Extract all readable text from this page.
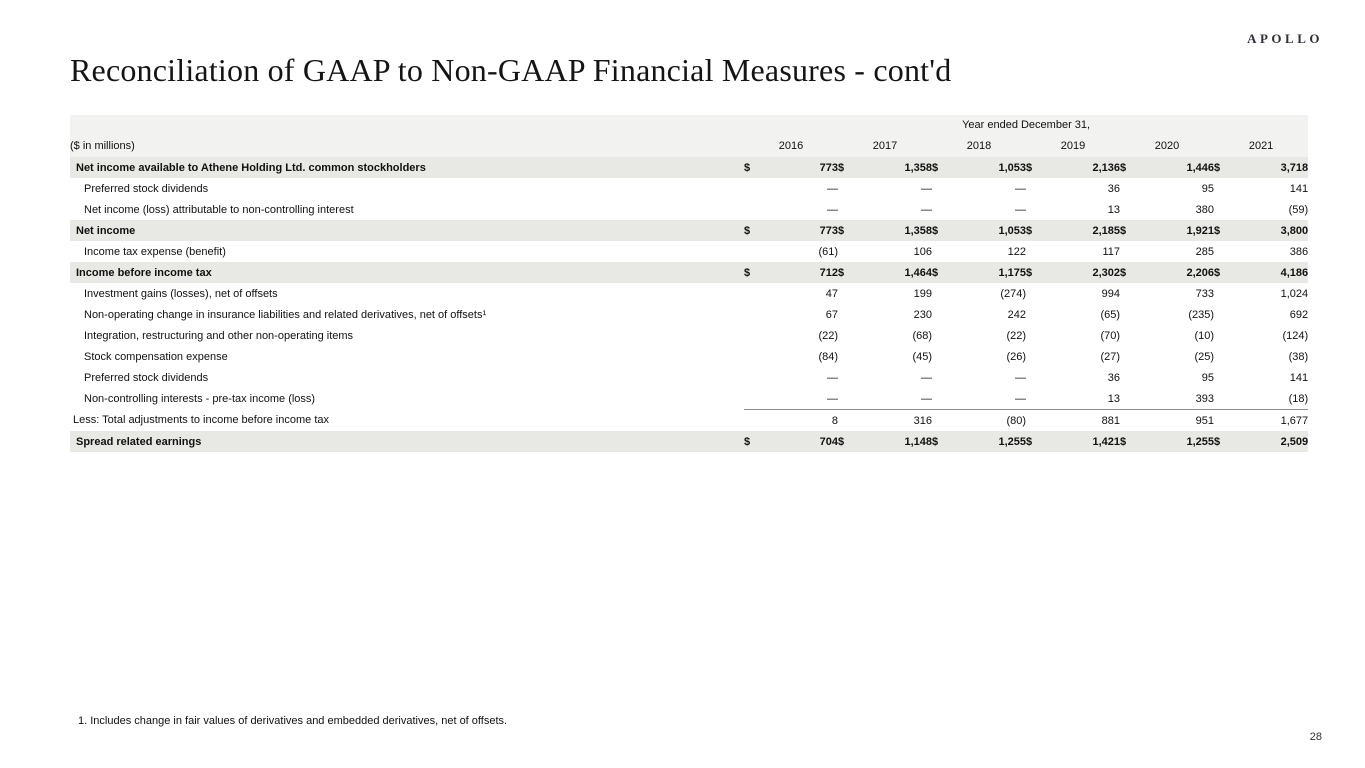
APOLLO
Reconciliation of GAAP to Non-GAAP Financial Measures - cont'd
	Year ended December 31,											
($ in millions)	2016		2017		2018		2019		2020		2021	
Net income available to Athene Holding Ltd. common stockholders	$	773	$	1,358	$	1,053	$	2,136	$	1,446	$	3,718
Preferred stock dividends		—		—		—		36		95		141
Net income (loss) attributable to non-controlling interest		—		—		—		13		380		(59)
Net income	$	773	$	1,358	$	1,053	$	2,185	$	1,921	$	3,800
Income tax expense (benefit)		(61)		106		122		117		285		386
Income before income tax	$	712	$	1,464	$	1,175	$	2,302	$	2,206	$	4,186
Investment gains (losses), net of offsets		47		199		(274)		994		733		1,024
Non-operating change in insurance liabilities and related derivatives, net of offsets¹		67		230		242		(65)		(235)		692
Integration, restructuring and other non-operating items		(22)		(68)		(22)		(70)		(10)		(124)
Stock compensation expense		(84)		(45)		(26)		(27)		(25)		(38)
Preferred stock dividends		—		—		—		36		95		141
Non-controlling interests - pre-tax income (loss)		—		—		—		13		393		(18)
Less: Total adjustments to income before income tax		8		316		(80)		881		951		1,677
Spread related earnings	$	704	$	1,148	$	1,255	$	1,421	$	1,255	$	2,509
1. Includes change in fair values of derivatives and embedded derivatives, net of offsets.
28
